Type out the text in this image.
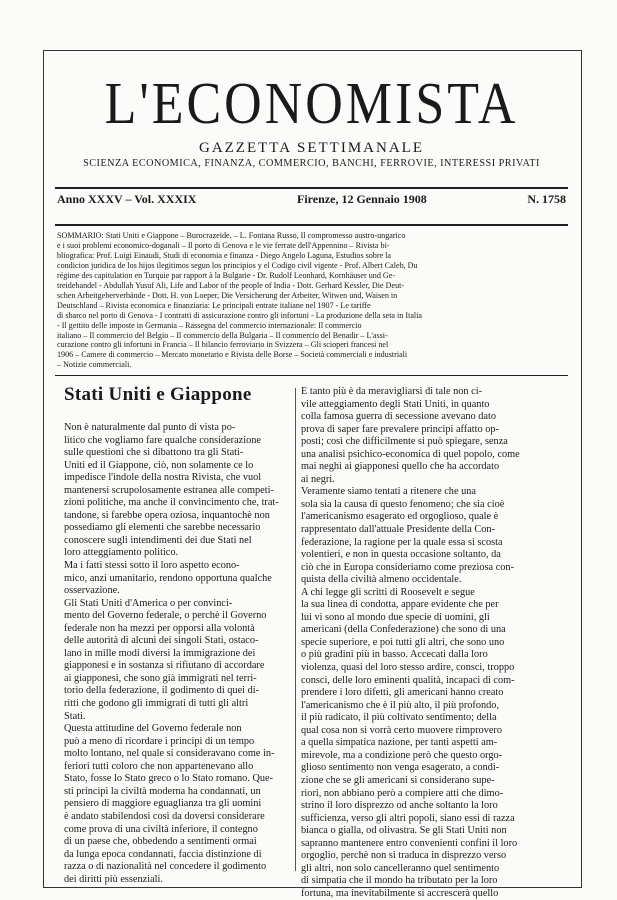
L'ECONOMISTA
GAZZETTA SETTIMANALE
SCIENZA ECONOMICA, FINANZA, COMMERCIO, BANCHI, FERROVIE, INTERESSI PRIVATI
Anno XXXV – Vol. XXXIX	Firenze, 12 Gennaio 1908	N. 1758
SOMMARIO: Stati Uniti e Giappone – Burocrazeide. – L. Fontana Russo, Il compromesso austro-ungarico
e i suoi problemi economico-doganali – Il porto di Genova e le vie ferrate dell'Appennino – Rivista bi-
bliografica: Prof. Luigi Einaudi, Studi di economia e finanza - Diego Angelo Laguna, Estudios sobre la
condicion juridica de los hijos ilegitimos segun los principios y el Codigo civil vigente - Prof. Albert Caleb, Du
régime des capitulation en Turquie par rapport à la Bulgarie - Dr. Rudolf Leonhard, Kornhäuser und Ge-
treidehandel - Abdullah Yusuf Ali, Life and Labor of the people of India - Dott. Gerhard Kessler, Die Deut-
schen Arbeitgeberverbände - Dott. H. von Loeper, Die Versicherung der Arbeiter, Witwen und, Waisen in
Deutschland – Rivista economica e finanziaria: Le principali entrate italiane nel 1907 - Le tariffe
di sbarco nel porto di Genova - I contratti di assicurazione contro gli infortuni - La produzione della seta in Italia
- Il gettito delle imposte in Germania – Rassegna del commercio internazionale: Il commercio
italiano – Il commercio del Belgio – Il commercio della Bulgaria – Il commercio del Benadir – L'assi-
curazione contro gli infortuni in Francia – Il bilancio ferroviario in Svizzera – Gli scioperi francesi nel
1906 – Camere di commercio – Mercato monetario e Rivista delle Borse – Società commerciali e industriali
– Notizie commerciali.
Stati Uniti e Giappone
Non è naturalmente dal punto di vista po-
litico che vogliamo fare qualche considerazione
sulle questioni che si dibattono tra gli Stati-
Uniti ed il Giappone, ciò, non solamente ce lo
impedisce l'indole della nostra Rivista, che vuol
mantenersi scrupolosamente estranea alle competi-
zioni politiche, ma anche il convincimento che, trat-
tandone, si farebbe opera oziosa, inquantochè non
possediamo gli elementi che sarebbe necessario
conoscere sugli intendimenti dei due Stati nel
loro atteggiamento politico.
Ma i fatti stessi sotto il loro aspetto econo-
mico, anzi umanitario, rendono opportuna qualche
osservazione.
Gli Stati Uniti d'America o per convinci-
mento del Governo federale, o perchè il Governo
federale non ha mezzi per opporsi alla volontà
delle autorità di alcuni dei singoli Stati, ostaco-
lano in mille modi diversi la immigrazione dei
giapponesi e in sostanza si rifiutano di accordare
ai giapponesi, che sono già immigrati nel terri-
torio della federazione, il godimento di quei di-
ritti che godono gli immigrati di tutti gli altri
Stati.
Questa attitudine del Governo federale non
può a meno di ricordare i principi di un tempo
molto lontano, nel quale si consideravano come in-
feriori tutti coloro che non appartenevano allo
Stato, fosse lo Stato greco o lo Stato romano. Que-
sti principi la civiltà moderna ha condannati, un
pensiero di maggiore eguaglianza tra gli uomini
è andato stabilendosi così da doversi considerare
come prova di una civiltà inferiore, il contegno
di un paese che, obbedendo a sentimenti ormai
da lunga epoca condannati, faccia distinzione di
razza o di nazionalità nel concedere il godimento
dei diritti più essenziali.
E tanto più è da meravigliarsi di tale non ci-
vile atteggiamento degli Stati Uniti, in quanto
colla famosa guerra di secessione avevano dato
prova di saper fare prevalere principi affatto op-
posti; così che difficilmente si può spiegare, senza
una analisi psichico-economica di quel popolo, come
mai neghi ai giapponesi quello che ha accordato
ai negri.
Veramente siamo tentati a ritenere che una
sola sia la causa di questo fenomeno; che sia cioè
l'americanismo esagerato ed orgoglioso, quale è
rappresentato dall'attuale Presidente della Con-
federazione, la ragione per la quale essa si scosta
volentieri, e non in questa occasione soltanto, da
ciò che in Europa consideriamo come preziosa con-
quista della civiltà almeno occidentale.
A chi legge gli scritti di Roosevelt e segue
la sua linea di condotta, appare evidente che per
lui vi sono al mondo due specie di uomini, gli
americani (della Confederazione) che sono di una
specie superiore, e poi tutti gli altri, che sono uno
o più gradini più in basso. Accecati dalla loro
violenza, quasi del loro stesso ardire, consci, troppo
consci, delle loro eminenti qualità, incapaci di com-
prendere i loro difetti, gli americani hanno creato
l'americanismo che è il più alto, il più profondo,
il più radicato, il più coltivato sentimento; della
qual cosa non si vorrà certo muovere rimprovero
a quella simpatica nazione, per tanti aspetti am-
mirevole, ma a condizione però che questo orgo-
glioso sentimento non venga esagerato, a condi-
zione che se gli americani si considerano supe-
riori, non abbiano però a compiere atti che dimo-
strino il loro disprezzo od anche soltanto la loro
sufficienza, verso gli altri popoli, siano essi di razza
bianca o gialla, od olivastra. Se gli Stati Uniti non
sapranno mantenere entro convenienti confini il loro
orgoglio, perchè non si traduca in disprezzo verso
gli altri, non solo cancelleranno quel sentimento
di simpatia che il mondo ha tributato per la loro
fortuna, ma inevitabilmente si accrescerà quello
